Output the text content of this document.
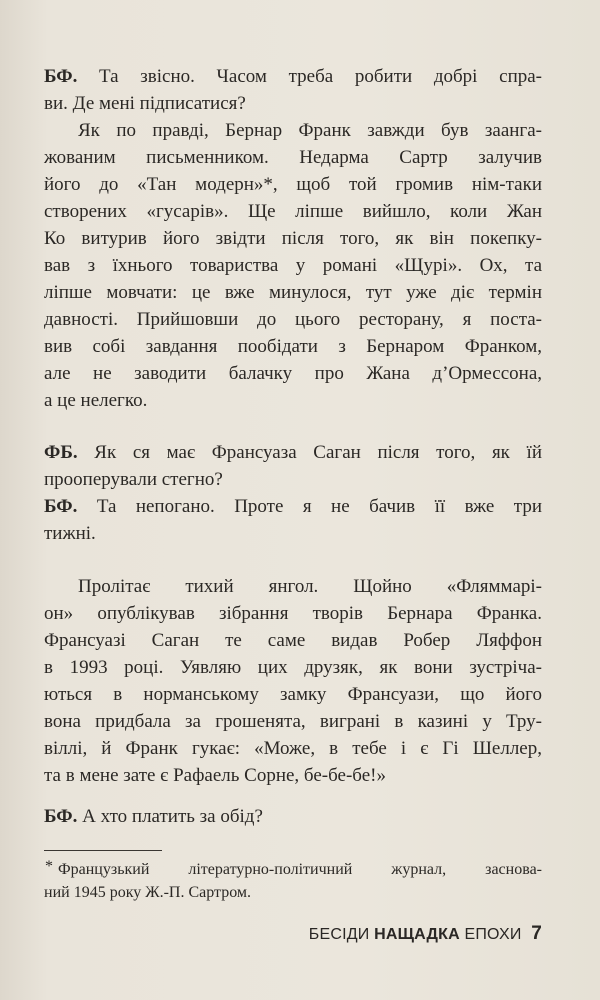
БФ. Та звісно. Часом треба робити добрі спра-
ви. Де мені підписатися?
Як по правді, Бернар Франк завжди був заанга-
жованим письменником. Недарма Сартр залучив
його до «Тан модерн»*, щоб той громив нім-таки
створених «гусарів». Ще ліпше вийшло, коли Жан
Ко витурив його звідти після того, як він покепку-
вав з їхнього товариства у романі «Щурі». Ох, та
ліпше мовчати: це вже минулося, тут уже діє термін
давності. Прийшовши до цього ресторану, я поста-
вив собі завдання пообідати з Бернаром Франком,
але не заводити балачку про Жана д’Ормессона,
а це нелегко.
ФБ. Як ся має Франсуаза Саган після того, як їй
прооперували стегно?
БФ. Та непогано. Проте я не бачив її вже три
тижні.
Пролітає тихий янгол. Щойно «Фляммарі-
он» опублікував зібрання творів Бернара Франка.
Франсуазі Саган те саме видав Робер Ляффон
в 1993 році. Уявляю цих друзяк, як вони зустріча-
ються в норманському замку Франсуази, що його
вона придбала за грошенята, виграні в казині у Тру-
віллі, й Франк гукає: «Може, в тебе і є Гі Шеллер,
та в мене зате є Рафаель Сорне, бе-бе-бе!»
БФ. А хто платить за обід?
* Французький літературно-політичний журнал, заснова-
ний 1945 року Ж.-П. Сартром.
БЕСІДИ НАЩАДКА ЕПОХИ 7
